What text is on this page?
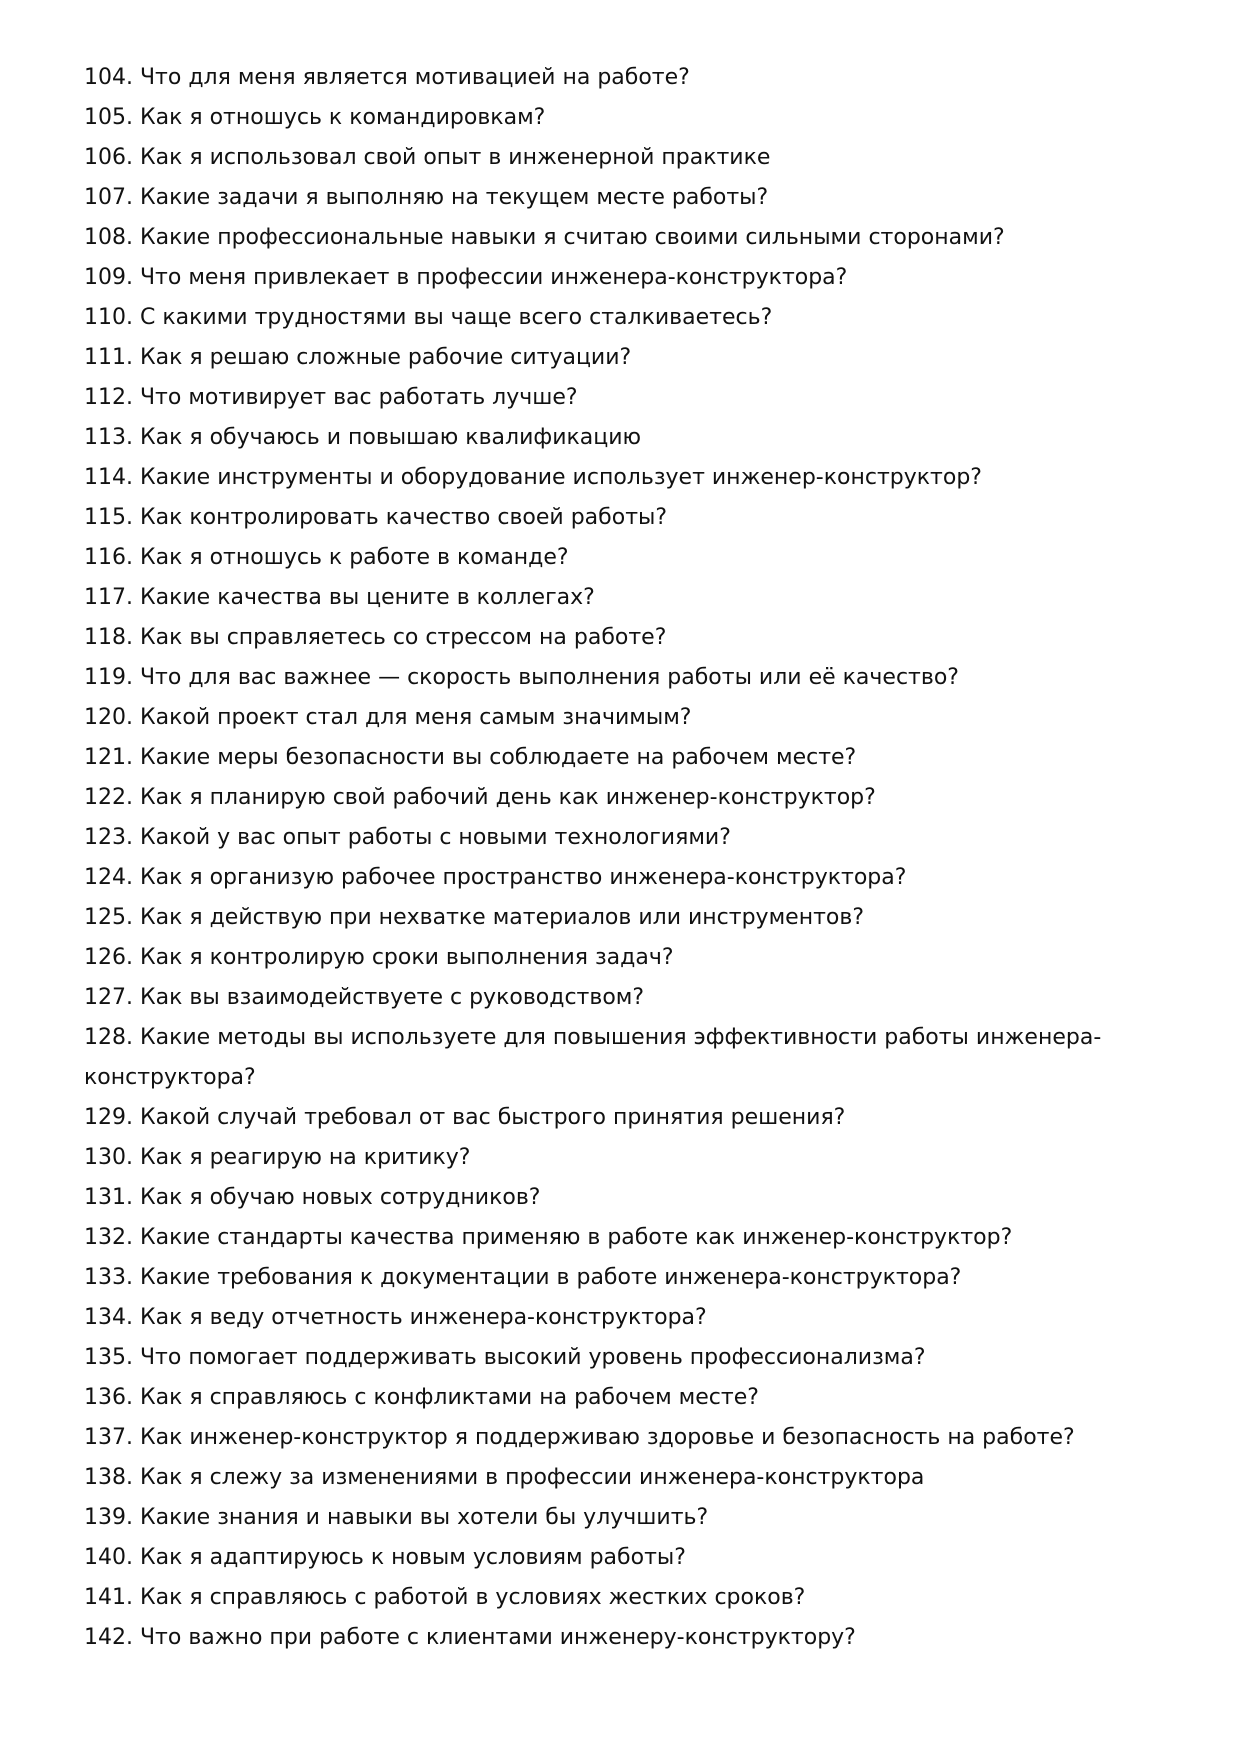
104. Что для меня является мотивацией на работе?
105. Как я отношусь к командировкам?
106. Как я использовал свой опыт в инженерной практике
107. Какие задачи я выполняю на текущем месте работы?
108. Какие профессиональные навыки я считаю своими сильными сторонами?
109. Что меня привлекает в профессии инженера-конструктора?
110. С какими трудностями вы чаще всего сталкиваетесь?
111. Как я решаю сложные рабочие ситуации?
112. Что мотивирует вас работать лучше?
113. Как я обучаюсь и повышаю квалификацию
114. Какие инструменты и оборудование использует инженер-конструктор?
115. Как контролировать качество своей работы?
116. Как я отношусь к работе в команде?
117. Какие качества вы цените в коллегах?
118. Как вы справляетесь со стрессом на работе?
119. Что для вас важнее — скорость выполнения работы или её качество?
120. Какой проект стал для меня самым значимым?
121. Какие меры безопасности вы соблюдаете на рабочем месте?
122. Как я планирую свой рабочий день как инженер-конструктор?
123. Какой у вас опыт работы с новыми технологиями?
124. Как я организую рабочее пространство инженера-конструктора?
125. Как я действую при нехватке материалов или инструментов?
126. Как я контролирую сроки выполнения задач?
127. Как вы взаимодействуете с руководством?
128. Какие методы вы используете для повышения эффективности работы инженера-конструктора?
129. Какой случай требовал от вас быстрого принятия решения?
130. Как я реагирую на критику?
131. Как я обучаю новых сотрудников?
132. Какие стандарты качества применяю в работе как инженер-конструктор?
133. Какие требования к документации в работе инженера-конструктора?
134. Как я веду отчетность инженера-конструктора?
135. Что помогает поддерживать высокий уровень профессионализма?
136. Как я справляюсь с конфликтами на рабочем месте?
137. Как инженер-конструктор я поддерживаю здоровье и безопасность на работе?
138. Как я слежу за изменениями в профессии инженера-конструктора
139. Какие знания и навыки вы хотели бы улучшить?
140. Как я адаптируюсь к новым условиям работы?
141. Как я справляюсь с работой в условиях жестких сроков?
142. Что важно при работе с клиентами инженеру-конструктору?
